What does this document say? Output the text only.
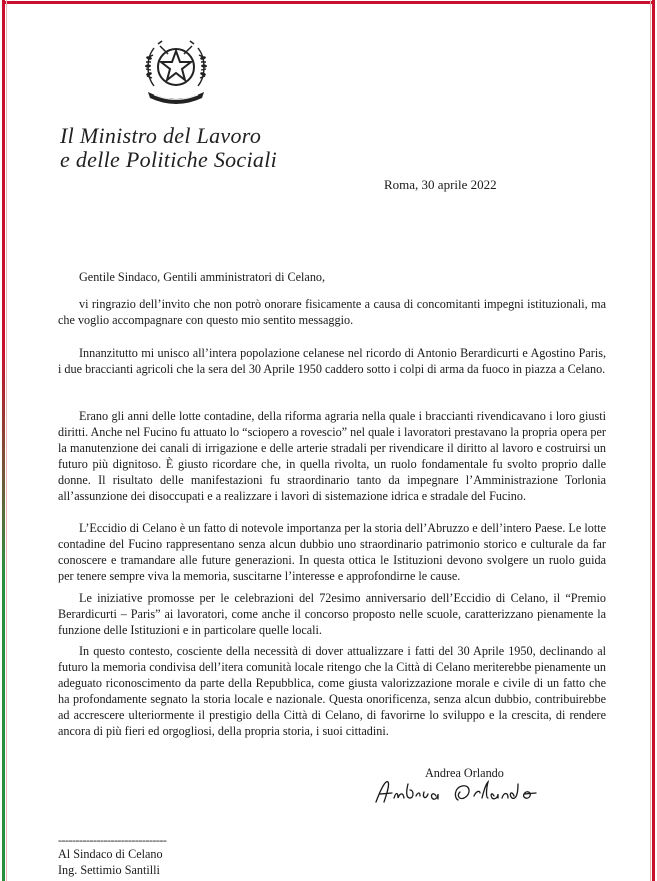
Il Ministro del Lavoro
e delle Politiche Sociali
Roma, 30 aprile 2022
Gentile Sindaco, Gentili amministratori di Celano,

vi ringrazio dell’invito che non potrò onorare fisicamente a causa di concomitanti impegni istituzionali, ma che voglio accompagnare con questo mio sentito messaggio.

Innanzitutto mi unisco all’intera popolazione celanese nel ricordo di Antonio Berardicurti e Agostino Paris, i due braccianti agricoli che la sera del 30 Aprile 1950 caddero sotto i colpi di arma da fuoco in piazza a Celano.

Erano gli anni delle lotte contadine, della riforma agraria nella quale i braccianti rivendicavano i loro giusti diritti. Anche nel Fucino fu attuato lo “sciopero a rovescio” nel quale i lavoratori prestavano la propria opera per la manutenzione dei canali di irrigazione e delle arterie stradali per rivendicare il diritto al lavoro e costruirsi un futuro più dignitoso. È giusto ricordare che, in quella rivolta, un ruolo fondamentale fu svolto proprio dalle donne. Il risultato delle manifestazioni fu straordinario tanto da impegnare l’Amministrazione Torlonia all’assunzione dei disoccupati e a realizzare i lavori di sistemazione idrica e stradale del Fucino.

L’Eccidio di Celano è un fatto di notevole importanza per la storia dell’Abruzzo e dell’intero Paese. Le lotte contadine del Fucino rappresentano senza alcun dubbio uno straordinario patrimonio storico e culturale da far conoscere e tramandare alle future generazioni. In questa ottica le Istituzioni devono svolgere un ruolo guida per tenere sempre viva la memoria, suscitarne l’interesse e approfondirne le cause.

Le iniziative promosse per le celebrazioni del 72esimo anniversario dell’Eccidio di Celano, il “Premio Berardicurti – Paris” ai lavoratori, come anche il concorso proposto nelle scuole, caratterizzano pienamente la funzione delle Istituzioni e in particolare quelle locali.

In questo contesto, cosciente della necessità di dover attualizzare i fatti del 30 Aprile 1950, declinando al futuro la memoria condivisa dell’itera comunità locale ritengo che la Città di Celano meriterebbe pienamente un adeguato riconoscimento da parte della Repubblica, come giusta valorizzazione morale e civile di un fatto che ha profondamente segnato la storia locale e nazionale. Questa onorificenza, senza alcun dubbio, contribuirebbe ad accrescere ulteriormente il prestigio della Città di Celano, di favorirne lo sviluppo e la crescita, di rendere ancora di più fieri ed orgogliosi, della propria storia, i suoi cittadini.

Andrea Orlando
-------------------------------
Al Sindaco di Celano
Ing. Settimio Santilli
